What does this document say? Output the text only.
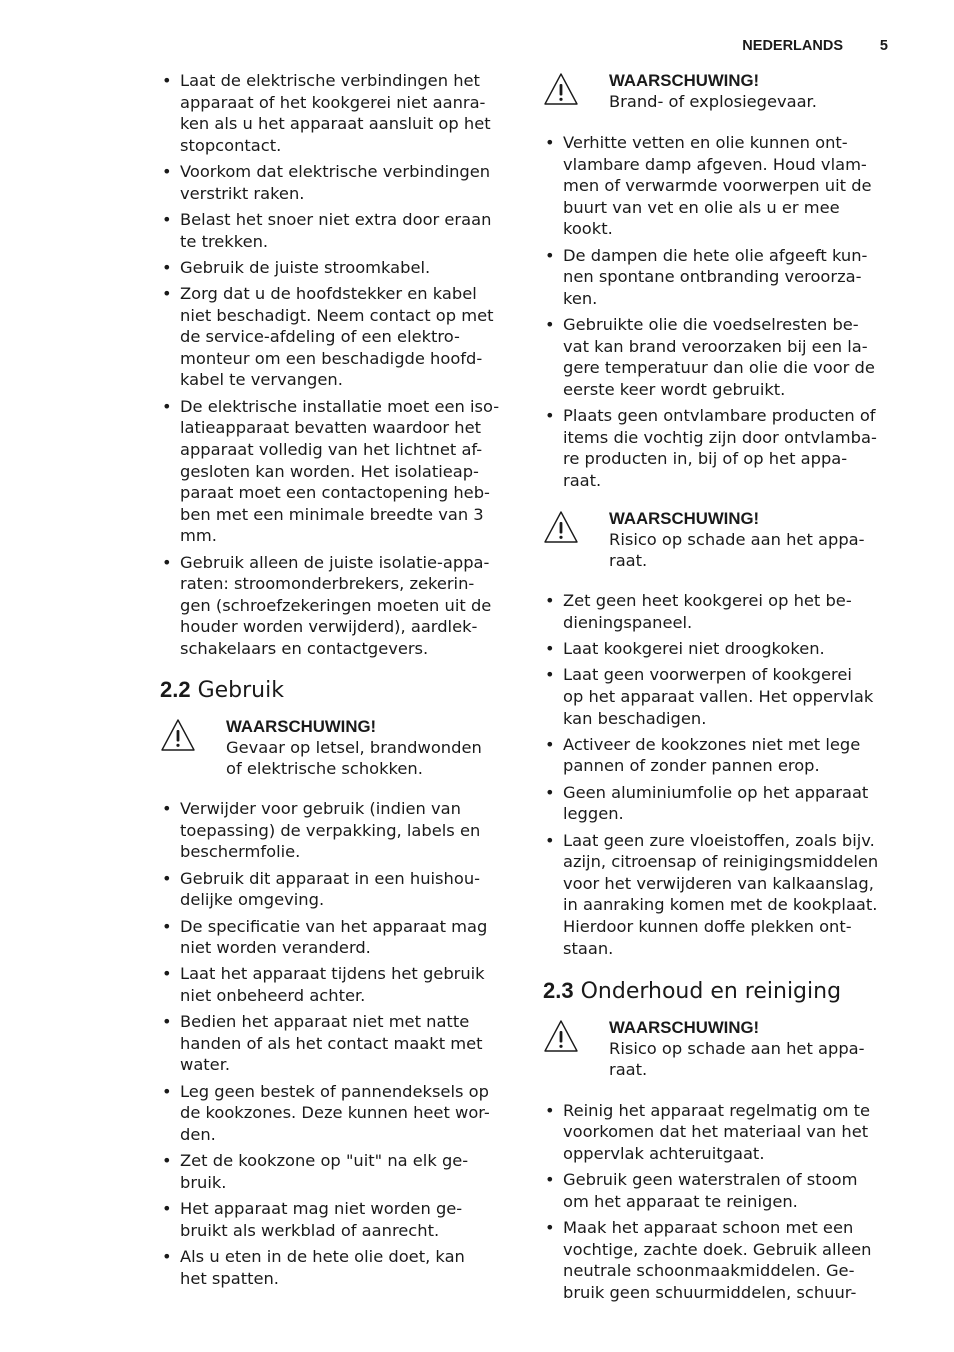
NEDERLANDS	5
• Laat de elektrische verbindingen het
apparaat of het kookgerei niet aanra-
ken als u het apparaat aansluit op het
stopcontact.
• Voorkom dat elektrische verbindingen
verstrikt raken.
• Belast het snoer niet extra door eraan
te trekken.
• Gebruik de juiste stroomkabel.
• Zorg dat u de hoofdstekker en kabel
niet beschadigt. Neem contact op met
de service-afdeling of een elektro-
monteur om een beschadigde hoofd-
kabel te vervangen.
• De elektrische installatie moet een iso-
latieapparaat bevatten waardoor het
apparaat volledig van het lichtnet af-
gesloten kan worden. Het isolatieap-
paraat moet een contactopening heb-
ben met een minimale breedte van 3
mm.
• Gebruik alleen de juiste isolatie-appa-
raten: stroomonderbrekers, zekerin-
gen (schroefzekeringen moeten uit de
houder worden verwijderd), aardlek-
schakelaars en contactgevers.
2.2 Gebruik
WAARSCHUWING!
Gevaar op letsel, brandwonden
of elektrische schokken.
• Verwijder voor gebruik (indien van
toepassing) de verpakking, labels en
beschermfolie.
• Gebruik dit apparaat in een huishou-
delijke omgeving.
• De specificatie van het apparaat mag
niet worden veranderd.
• Laat het apparaat tijdens het gebruik
niet onbeheerd achter.
• Bedien het apparaat niet met natte
handen of als het contact maakt met
water.
• Leg geen bestek of pannendeksels op
de kookzones. Deze kunnen heet wor-
den.
• Zet de kookzone op "uit" na elk ge-
bruik.
• Het apparaat mag niet worden ge-
bruikt als werkblad of aanrecht.
• Als u eten in de hete olie doet, kan
het spatten.
WAARSCHUWING!
Brand- of explosiegevaar.
• Verhitte vetten en olie kunnen ont-
vlambare damp afgeven. Houd vlam-
men of verwarmde voorwerpen uit de
buurt van vet en olie als u er mee
kookt.
• De dampen die hete olie afgeeft kun-
nen spontane ontbranding veroorza-
ken.
• Gebruikte olie die voedselresten be-
vat kan brand veroorzaken bij een la-
gere temperatuur dan olie die voor de
eerste keer wordt gebruikt.
• Plaats geen ontvlambare producten of
items die vochtig zijn door ontvlamba-
re producten in, bij of op het appa-
raat.
WAARSCHUWING!
Risico op schade aan het appa-
raat.
• Zet geen heet kookgerei op het be-
dieningspaneel.
• Laat kookgerei niet droogkoken.
• Laat geen voorwerpen of kookgerei
op het apparaat vallen. Het oppervlak
kan beschadigen.
• Activeer de kookzones niet met lege
pannen of zonder pannen erop.
• Geen aluminiumfolie op het apparaat
leggen.
• Laat geen zure vloeistoffen, zoals bijv.
azijn, citroensap of reinigingsmiddelen
voor het verwijderen van kalkaanslag,
in aanraking komen met de kookplaat.
Hierdoor kunnen doffe plekken ont-
staan.
2.3 Onderhoud en reiniging
WAARSCHUWING!
Risico op schade aan het appa-
raat.
• Reinig het apparaat regelmatig om te
voorkomen dat het materiaal van het
oppervlak achteruitgaat.
• Gebruik geen waterstralen of stoom
om het apparaat te reinigen.
• Maak het apparaat schoon met een
vochtige, zachte doek. Gebruik alleen
neutrale schoonmaakmiddelen. Ge-
bruik geen schuurmiddelen, schuur-
